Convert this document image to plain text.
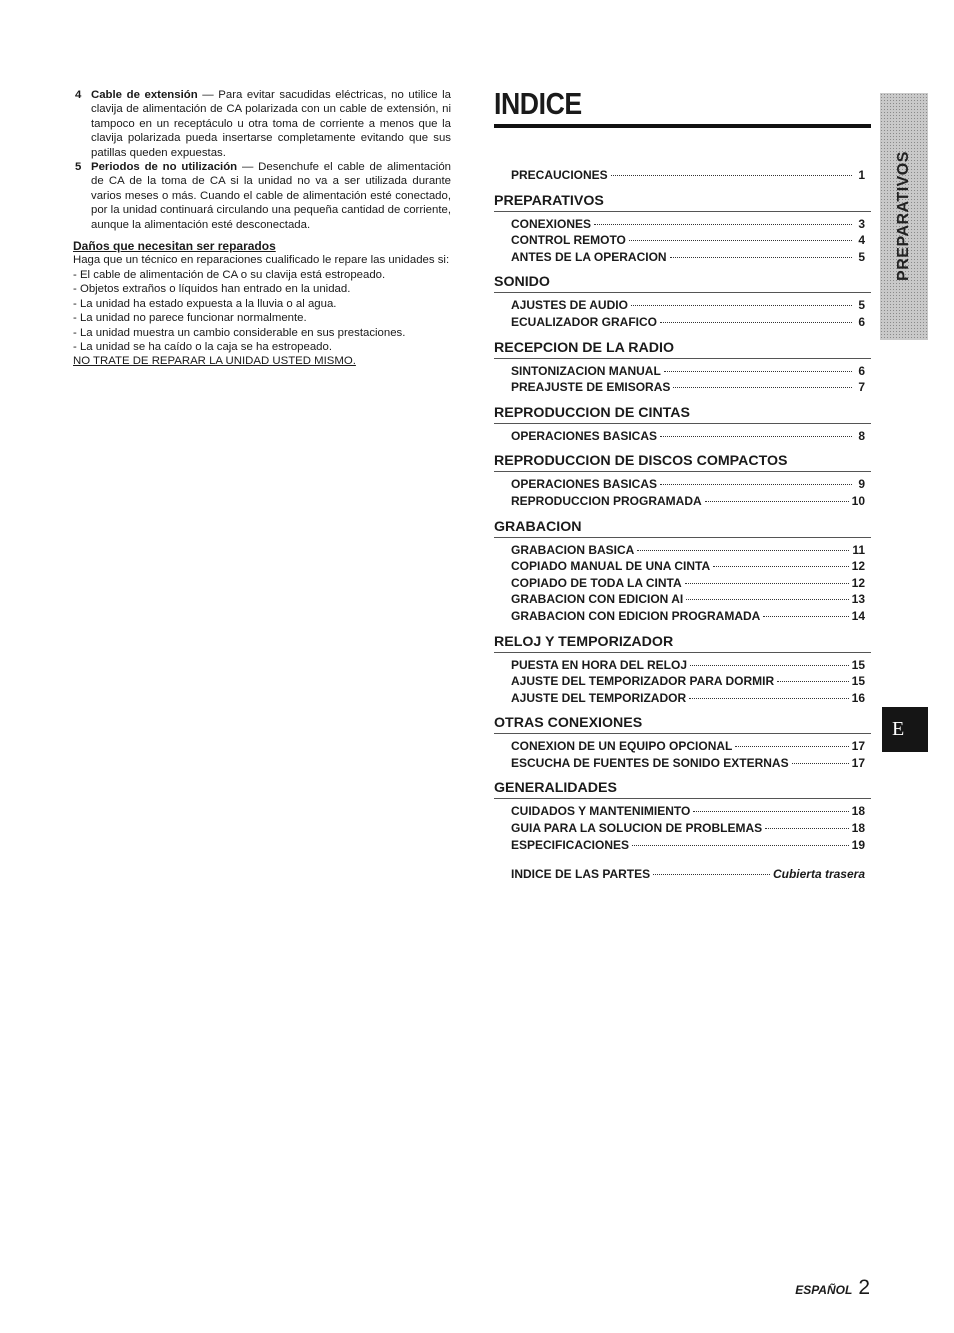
4 Cable de extensión — Para evitar sacudidas eléctricas, no utilice la clavija de alimentación de CA polarizada con un cable de extensión, ni tampoco en un receptáculo u otra toma de corriente a menos que la clavija polarizada pueda insertarse completamente evitando que sus patillas queden expuestas.
5 Periodos de no utilización — Desenchufe el cable de alimentación de CA de la toma de CA si la unidad no va a ser utilizada durante varios meses o más. Cuando el cable de alimentación esté conectado, por la unidad continuará circulando una pequeña cantidad de corriente, aunque la alimentación esté desconectada.
Daños que necesitan ser reparados
Haga que un técnico en reparaciones cualificado le repare las unidades si:
- El cable de alimentación de CA o su clavija está estropeado.
- Objetos extraños o líquidos han entrado en la unidad.
- La unidad ha estado expuesta a la lluvia o al agua.
- La unidad no parece funcionar normalmente.
- La unidad muestra un cambio considerable en sus prestaciones.
- La unidad se ha caído o la caja se ha estropeado.
NO TRATE DE REPARAR LA UNIDAD USTED MISMO.
INDICE
PRECAUCIONES	1
PREPARATIVOS
CONEXIONES	3
CONTROL REMOTO	4
ANTES DE LA OPERACION	5
SONIDO
AJUSTES DE AUDIO	5
ECUALIZADOR GRAFICO	6
RECEPCION DE LA RADIO
SINTONIZACION MANUAL	6
PREAJUSTE DE EMISORAS	7
REPRODUCCION DE CINTAS
OPERACIONES BASICAS	8
REPRODUCCION DE DISCOS COMPACTOS
OPERACIONES BASICAS	9
REPRODUCCION PROGRAMADA	10
GRABACION
GRABACION BASICA	11
COPIADO MANUAL DE UNA CINTA	12
COPIADO DE TODA LA CINTA	12
GRABACION CON EDICION AI	13
GRABACION CON EDICION PROGRAMADA	14
RELOJ Y TEMPORIZADOR
PUESTA EN HORA DEL RELOJ	15
AJUSTE DEL TEMPORIZADOR PARA DORMIR	15
AJUSTE DEL TEMPORIZADOR	16
OTRAS CONEXIONES
CONEXION DE UN EQUIPO OPCIONAL	17
ESCUCHA DE FUENTES DE SONIDO EXTERNAS	17
GENERALIDADES
CUIDADOS Y MANTENIMIENTO	18
GUIA PARA LA SOLUCION DE PROBLEMAS	18
ESPECIFICACIONES	19
INDICE DE LAS PARTES	Cubierta trasera
PREPARATIVOS
E
ESPAÑOL 2
